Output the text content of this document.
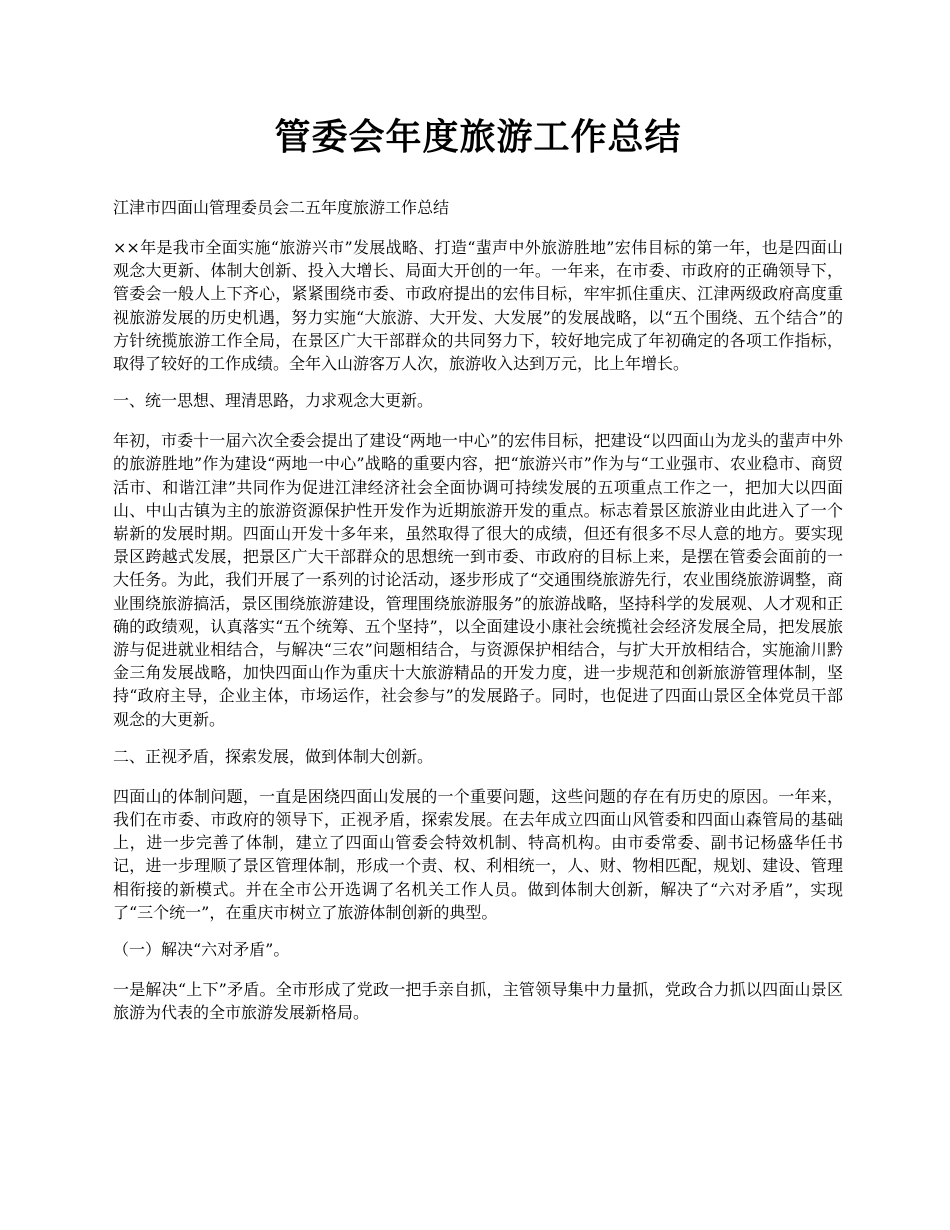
管委会年度旅游工作总结

江津市四面山管理委员会二五年度旅游工作总结

××年是我市全面实施“旅游兴市”发展战略、打造“蜚声中外旅游胜地”宏伟目标的第一年，也是四面山观念大更新、体制大创新、投入大增长、局面大开创的一年。一年来，在市委、市政府的正确领导下，管委会一般人上下齐心，紧紧围绕市委、市政府提出的宏伟目标，牢牢抓住重庆、江津两级政府高度重视旅游发展的历史机遇，努力实施“大旅游、大开发、大发展”的发展战略，以“五个围绕、五个结合”的方针统揽旅游工作全局，在景区广大干部群众的共同努力下，较好地完成了年初确定的各项工作指标，取得了较好的工作成绩。全年入山游客万人次，旅游收入达到万元，比上年增长。

一、统一思想、理清思路，力求观念大更新。

年初，市委十一届六次全委会提出了建设“两地一中心”的宏伟目标，把建设“以四面山为龙头的蜚声中外的旅游胜地”作为建设“两地一中心”战略的重要内容，把“旅游兴市”作为与“工业强市、农业稳市、商贸活市、和谐江津”共同作为促进江津经济社会全面协调可持续发展的五项重点工作之一，把加大以四面山、中山古镇为主的旅游资源保护性开发作为近期旅游开发的重点。标志着景区旅游业由此进入了一个崭新的发展时期。四面山开发十多年来，虽然取得了很大的成绩，但还有很多不尽人意的地方。要实现景区跨越式发展，把景区广大干部群众的思想统一到市委、市政府的目标上来，是摆在管委会面前的一大任务。为此，我们开展了一系列的讨论活动，逐步形成了“交通围绕旅游先行，农业围绕旅游调整，商业围绕旅游搞活，景区围绕旅游建设，管理围绕旅游服务”的旅游战略，坚持科学的发展观、人才观和正确的政绩观，认真落实“五个统筹、五个坚持”，以全面建设小康社会统揽社会经济发展全局，把发展旅游与促进就业相结合，与解决“三农”问题相结合，与资源保护相结合，与扩大开放相结合，实施渝川黔金三角发展战略，加快四面山作为重庆十大旅游精品的开发力度，进一步规范和创新旅游管理体制，坚持“政府主导，企业主体，市场运作，社会参与”的发展路子。同时，也促进了四面山景区全体党员干部观念的大更新。

二、正视矛盾，探索发展，做到体制大创新。

四面山的体制问题，一直是困绕四面山发展的一个重要问题，这些问题的存在有历史的原因。一年来，我们在市委、市政府的领导下，正视矛盾，探索发展。在去年成立四面山风管委和四面山森管局的基础上，进一步完善了体制，建立了四面山管委会特效机制、特高机构。由市委常委、副书记杨盛华任书记，进一步理顺了景区管理体制，形成一个责、权、利相统一，人、财、物相匹配，规划、建设、管理相衔接的新模式。并在全市公开选调了名机关工作人员。做到体制大创新，解决了“六对矛盾”，实现了“三个统一”，在重庆市树立了旅游体制创新的典型。

（一）解决“六对矛盾”。

一是解决“上下”矛盾。全市形成了党政一把手亲自抓，主管领导集中力量抓，党政合力抓以四面山景区旅游为代表的全市旅游发展新格局。
